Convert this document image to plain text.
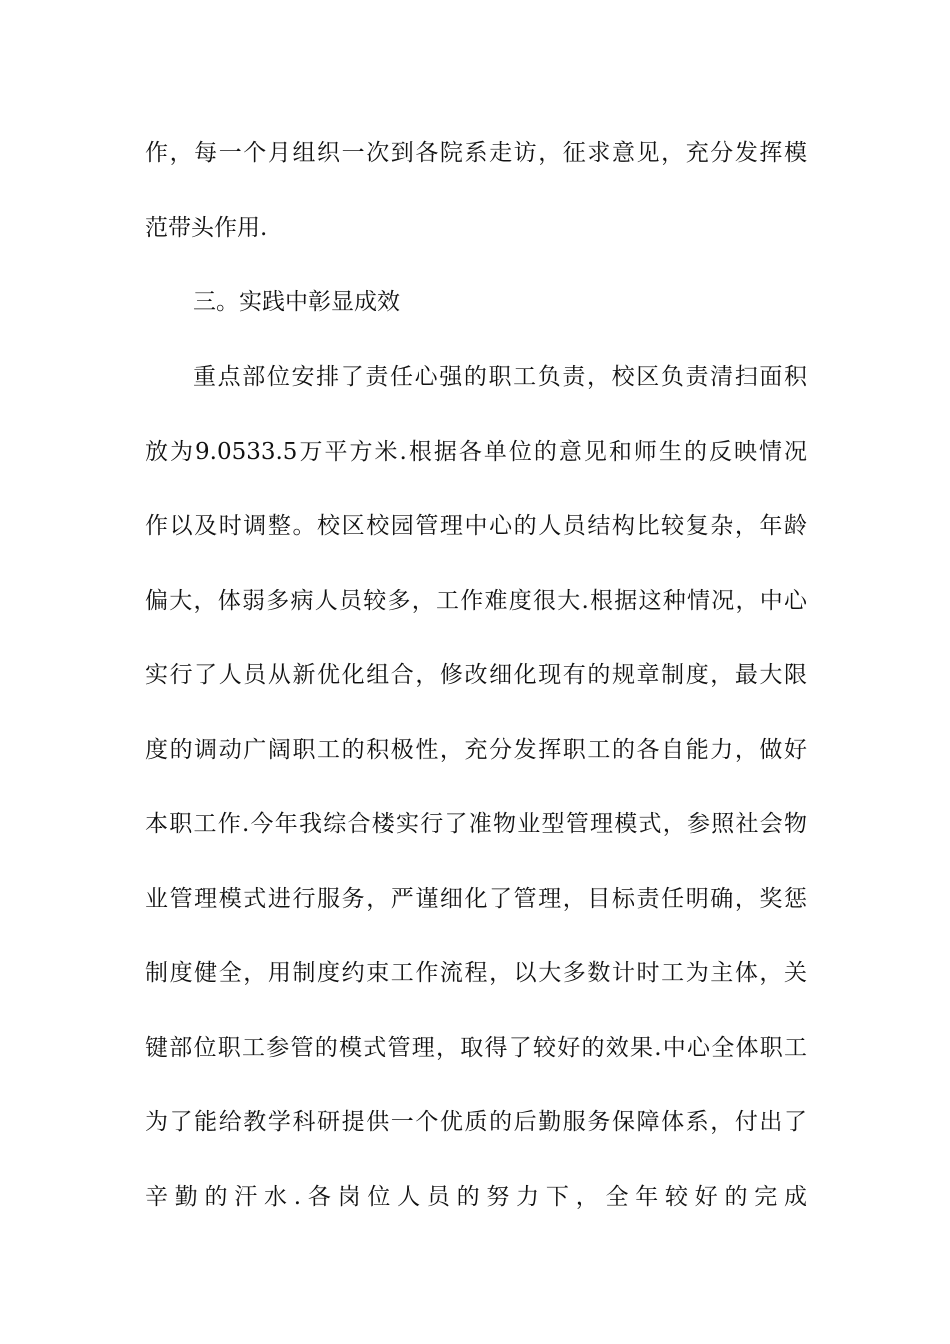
作，每一个月组织一次到各院系走访，征求意见，充分发挥模
范带头作用.
三。实践中彰显成效
重点部位安排了责任心强的职工负责，校区负责清扫面积
放为9.0533.5万平方米.根据各单位的意见和师生的反映情况
作以及时调整。校区校园管理中心的人员结构比较复杂，年龄
偏大，体弱多病人员较多，工作难度很大.根据这种情况，中心
实行了人员从新优化组合，修改细化现有的规章制度，最大限
度的调动广阔职工的积极性，充分发挥职工的各自能力，做好
本职工作.今年我综合楼实行了准物业型管理模式，参照社会物
业管理模式进行服务，严谨细化了管理，目标责任明确，奖惩
制度健全，用制度约束工作流程，以大多数计时工为主体，关
键部位职工参管的模式管理，取得了较好的效果.中心全体职工
为了能给教学科研提供一个优质的后勤服务保障体系，付出了
辛勤的汗水.各岗位人员的努力下，全年较好的完成
